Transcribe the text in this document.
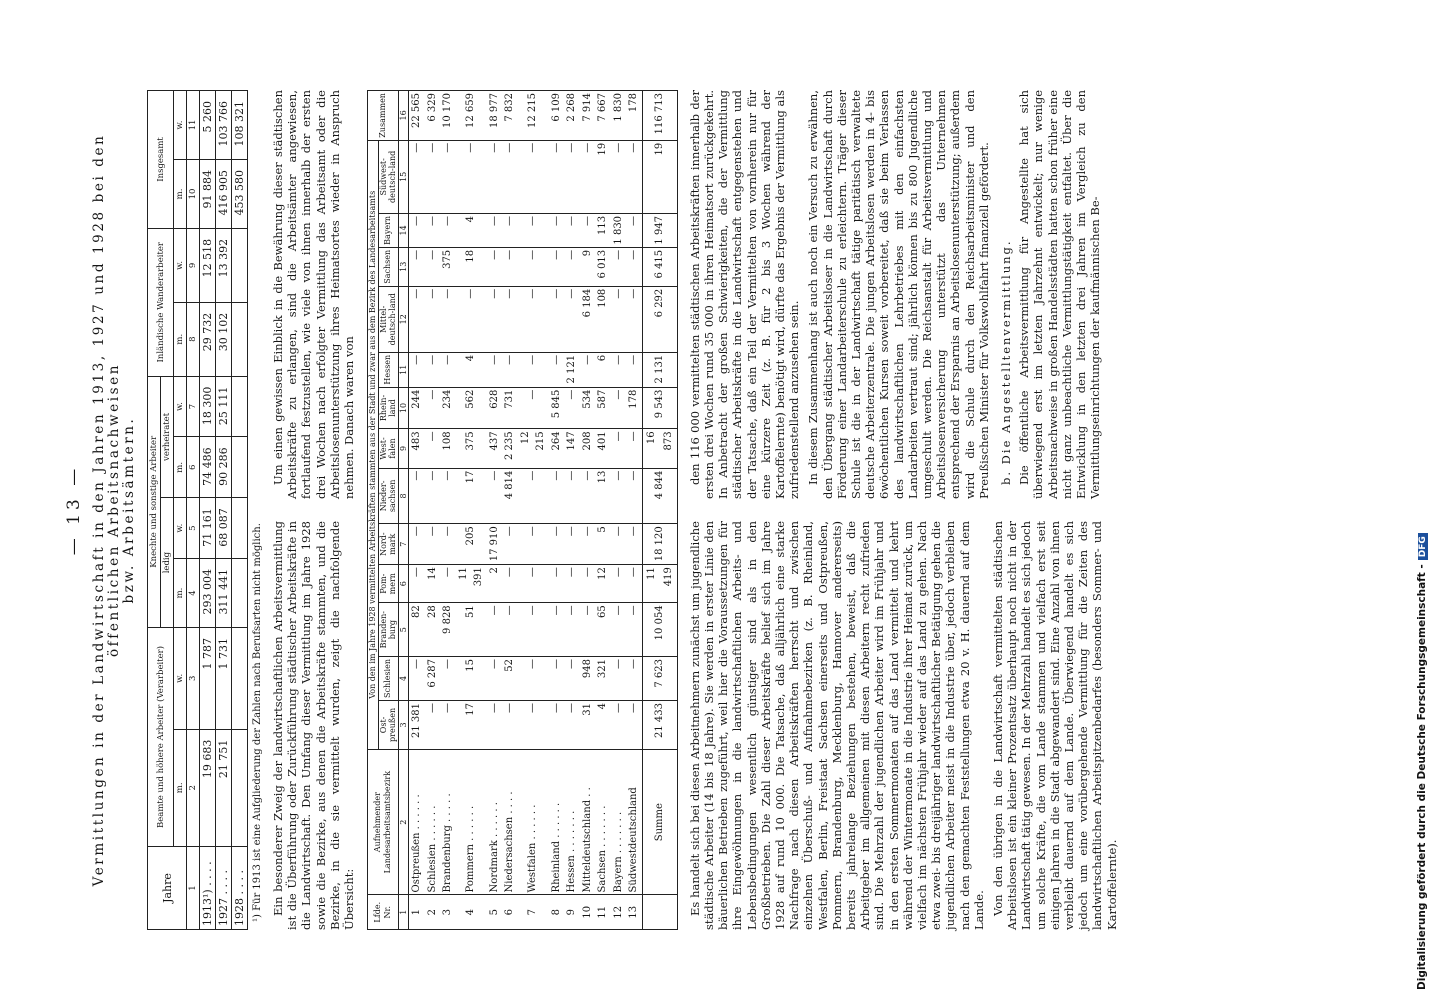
— 13 — Vermittlungen in der Landwirtschaft in den Jahren 1913, 1927 und 1928 bei den öffentlichen Arbeitsnachweisen bzw. Arbeitsämtern.
Jahre	Beamte und höhere Arbeiter (Verarbeiter)		Knechte und sonstige Arbeiter				Inländische Wanderarbeiter		Insgesamt	
			ledig		verheiratet					
	m.	w.	m.	w.	m.	w.	m.	w.	m.	w.
1	2	3	4	5	6	7	8	9	10	11
1913¹) . . . .	19 683	1 787	293 004	71 161	74 486	18 300	29 732	12 518	91 884	5 260
1927 . . . .	21 751	1 731	311 441	68 087	90 286	25 111	30 102	13 392	416 905	103 766
1928 . . . .									453 580	108 321
¹) Für 1913 ist eine Aufgliederung der Zahlen nach Berufsarten nicht möglich. Ein besonderer Zweig der landwirtschaftlichen Arbeitsvermittlung ist die Überführung oder Zurückführung städtischer Arbeitskräfte in die Landwirtschaft. Den Umfang dieser Vermittlung im Jahre 1928 sowie die Bezirke, aus denen die Arbeitskräfte stammten, und die Bezirke, in die sie vermittelt wurden, zeigt die nachfolgende Übersicht:

Um einen gewissen Einblick in die Bewährung dieser städtischen Arbeitskräfte zu erlangen, sind die Arbeitsämter angewiesen, fortlaufend festzustellen, wie viele von ihnen innerhalb der ersten drei Wochen nach erfolgter Vermittlung das Arbeitsamt oder die Arbeitslosenunterstützung ihres Heimatsortes wieder in Anspruch nehmen. Danach waren von

Lfde. Nr.	Aufnehmender Landesarbeitsamtsbezirk	Von den im Jahre 1928 vermittelten Arbeitskräften stammten aus der Stadt und zwar aus dem Bezirk des Landesarbeitsamts													Zusammen
		Ost-preußen	Schlesien	Branden-burg	Pom-mern	Nord-mark	Nieder-sachsen	West-falen	Rhein-land	Hessen	Mittel-deutsch-land	Sachsen	Bayern	Südwest-deutsch-land	
1	2	3	4	5	6	7	8	9	10	11	12	13	14	15	16
1	Ostpreußen . . . . . .	21 381	—	82	—	—	—	483	244	—	—	—	—	—	22 565
2	Schlesien . . . . . .	—	6 287	28	14	—	—	—	—	—	—	—	—	—	6 329
3	Brandenburg . . . . .	—	—	9 828	—	—	—	108	234	—	—	375	—	—	10 170
4	Pommern . . . . . .	17	15	51	11 391	205	17	375	562	4	—	18	4	—	12 659
5	Nordmark . . . . . .	—	—	—	2	17 910	—	437	628	—	—	—	—	—	18 977
6	Niedersachsen . . . .	—	52	—	—	—	4 814	2 235	731	—	—	—	—	—	7 832
7	Westfalen . . . . . .	—	—	—	—	—	—	12 215	—	—	—	—	—	—	12 215
8	Rheinland . . . . . .	—	—	—	—	—	—	264	5 845	—	—	—	—	—	6 109
9	Hessen . . . . . . .	—	—	—	—	—	—	147	—	2 121	—	—	—	—	2 268
10	Mitteldeutschland . .	31	948	—	—	—	—	208	534	—	6 184	9	—	—	7 914
11	Sachsen . . . . . . .	4	321	65	12	5	13	401	587	6	108	6 013	113	19	7 667
12	Bayern . . . . . . .	—	—	—	—	—	—	—	—	—	—	—	1 830	—	1 830
13	Südwestdeutschland	—	—	—	—	—	—	—	178	—	—	—	—	—	178
	Summe	21 433	7 623	10 054	11 419	18 120	4 844	16 873	9 543	2 131	6 292	6 415	1 947	19	116 713

Es handelt sich bei diesen Arbeitnehmern zunächst um jugendliche städtische Arbeiter (14 bis 18 Jahre). Sie werden in erster Linie den bäuerlichen Betrieben zugeführt, weil hier die Voraussetzungen für ihre Eingewöhnungen in die landwirtschaftlichen Arbeits- und Lebensbedingungen wesentlich günstiger sind als in den Großbetrieben. Die Zahl dieser Arbeitskräfte belief sich im Jahre 1928 auf rund 10 000. Die Tatsache, daß alljährlich eine starke Nachfrage nach diesen Arbeitskräften herrscht und zwischen einzelnen Überschuß- und Aufnahmebezirken (z. B. Rheinland, Westfalen, Berlin, Freistaat Sachsen einerseits und Ostpreußen, Pommern, Brandenburg, Mecklenburg, Hannover andererseits) bereits jahrelange Beziehungen bestehen, beweist, daß die Arbeitgeber im allgemeinen mit diesen Arbeitern recht zufrieden sind. Die Mehrzahl der jugendlichen Arbeiter wird im Frühjahr und in den ersten Sommermonaten auf das Land vermittelt und kehrt während der Wintermonate in die Industrie ihrer Heimat zurück, um vielfach im nächsten Frühjahr wieder auf das Land zu gehen. Nach etwa zwei- bis dreijähriger landwirtschaftlicher Betätigung gehen die jugendlichen Arbeiter meist in die Industrie über, jedoch verbleiben nach den gemachten Feststellungen etwa 20 v. H. dauernd auf dem Lande. Von den übrigen in die Landwirtschaft vermittelten städtischen Arbeitslosen ist ein kleiner Prozentsatz überhaupt noch nicht in der Landwirtschaft tätig gewesen. In der Mehrzahl handelt es sich jedoch um solche Kräfte, die vom Lande stammen und vielfach erst seit einigen Jahren in die Stadt abgewandert sind. Eine Anzahl von ihnen verbleibt dauernd auf dem Lande. Überwiegend handelt es sich jedoch um eine vorübergehende Vermittlung für die Zeiten des landwirtschaftlichen Arbeitspitzenbedarfes (besonders Sommer- und Kartoffelernte).

den 116 000 vermittelten städtischen Arbeitskräften innerhalb der ersten drei Wochen rund 35 000 in ihren Heimatsort zurückgekehrt. In Anbetracht der großen Schwierigkeiten, die der Vermittlung städtischer Arbeitskräfte in die Landwirtschaft entgegenstehen und der Tatsache, daß ein Teil der Vermittelten von vornherein nur für eine kürzere Zeit (z. B. für 2 bis 3 Wochen während der Kartoffelernte) benötigt wird, dürfte das Ergebnis der Vermittlung als zufriedenstellend anzusehen sein. In diesem Zusammenhang ist auch noch ein Versuch zu erwähnen, den Übergang städtischer Arbeitsloser in die Landwirtschaft durch Förderung einer Landarbeiterschule zu erleichtern. Träger dieser Schule ist die in der Landwirtschaft tätige paritätisch verwaltete deutsche Arbeiterzentrale. Die jungen Arbeitslosen werden in 4- bis 6wöchentlichen Kursen soweit vorbereitet, daß sie beim Verlassen des landwirtschaftlichen Lehrbetriebes mit den einfachsten Landarbeiten vertraut sind; jährlich können bis zu 800 Jugendliche umgeschult werden. Die Reichsanstalt für Arbeitsvermittlung und Arbeitslosenversicherung unterstützt das Unternehmen entsprechend der Ersparnis an Arbeitslosenunterstützung; außerdem wird die Schule durch den Reichsarbeitsminister und den Preußischen Minister für Volkswohlfahrt finanziell gefördert. b. Die Angestelltenvermittlung. Die öffentliche Arbeitsvermittlung für Angestellte hat sich überwiegend erst im letzten Jahrzehnt entwickelt; nur wenige Arbeitsnachweise in großen Handelsstädten hatten schon früher eine nicht ganz unbeachtliche Vermittlungstätigkeit entfaltet. Über die Entwicklung in den letzten drei Jahren im Vergleich zu den Vermittlungseinrichtungen der kaufmännischen Be-

Digitalisierung gefördert durch die Deutsche Forschungsgemeinschaft -DFG
